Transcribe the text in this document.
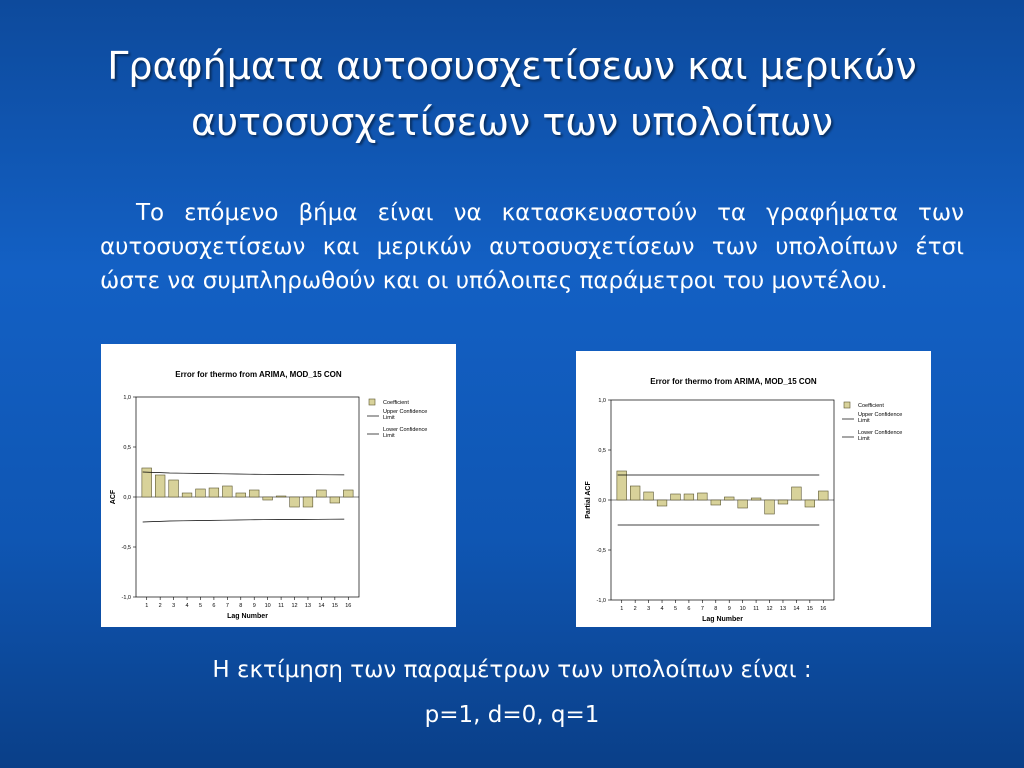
Γραφήματα αυτοσυσχετίσεων και μερικών
αυτοσυσχετίσεων των υπολοίπων
Το επόμενο βήμα είναι να κατασκευαστούν τα γραφήματα των αυτοσυσχετίσεων και μερικών αυτοσυσχετίσεων των υπολοίπων έτσι ώστε να συμπληρωθούν και οι υπόλοιπες παράμετροι του μοντέλου.
Error for thermo from ARIMA, MOD_15 CON
1,0
0,5
0,0
-0,5
-1,0
1 2 3 4 5 6 7 8 9 10 11 12 13 14 15 16
Lag Number
ACF
Coefficient
Upper Confidence Limit
Lower Confidence Limit
Error for thermo from ARIMA, MOD_15 CON
1,0
0,5
0,0
-0,5
-1,0
1 2 3 4 5 6 7 8 9 10 11 12 13 14 15 16
Lag Number
Partial ACF
Coefficient
Upper Confidence Limit
Lower Confidence Limit
Η εκτίμηση των παραμέτρων των υπολοίπων είναι :
p=1, d=0, q=1
